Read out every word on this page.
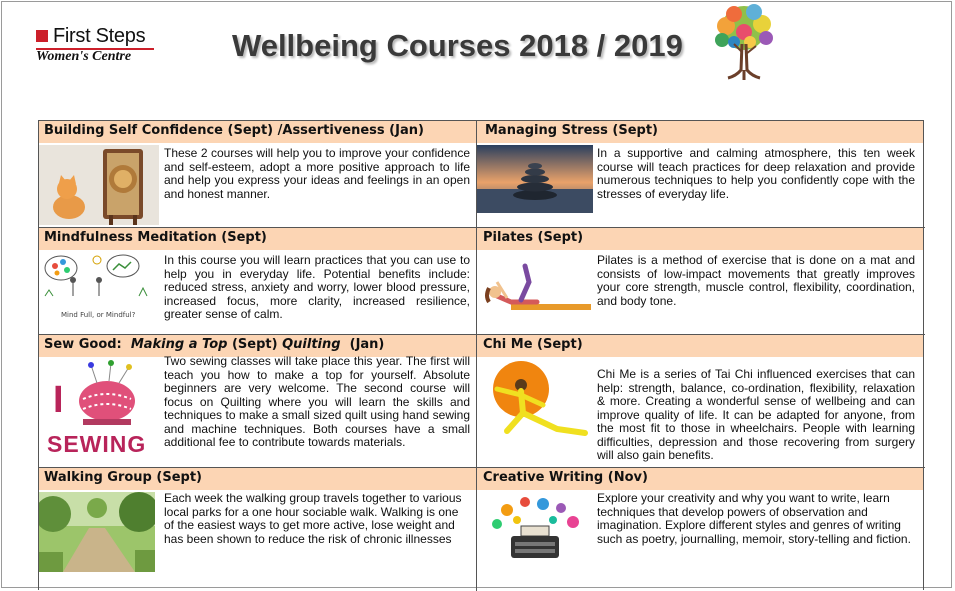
First Steps
Women's Centre	Wellbeing Courses 2018 / 2019
Building Self Confidence (Sept) /Assertiveness (Jan)
These 2 courses will help you to improve your confidence and self-esteem, adopt a more positive approach to life and help you express your ideas and feelings in an open and honest manner.
Managing Stress (Sept)
In a supportive and calming atmosphere, this ten week course will teach practices for deep relaxation and provide numerous techniques to help you confidently cope with the stresses of everyday life.
Mindfulness Meditation (Sept)
Mind Full, or Mindful?
In this course you will learn practices that you can use to help you in everyday life. Potential benefits include: reduced stress, anxiety and worry, lower blood pressure, increased focus, more clarity, increased resilience, greater sense of calm.
Pilates (Sept)
Pilates is a method of exercise that is done on a mat and consists of low-impact movements that greatly improves your core strength, muscle control, flexibility, coordination, and body tone.
Sew Good: Making a Top (Sept) Quilting (Jan)
I
SEWING
Two sewing classes will take place this year. The first will teach you how to make a top for yourself. Absolute beginners are very welcome. The second course will focus on Quilting where you will learn the skills and techniques to make a small sized quilt using hand sewing and machine techniques. Both courses have a small additional fee to contribute towards materials.
Chi Me (Sept)
Chi Me is a series of Tai Chi influenced exercises that can help: strength, balance, co-ordination, flexibility, relaxation & more. Creating a wonderful sense of wellbeing and can improve quality of life. It can be adapted for anyone, from the most fit to those in wheelchairs. People with learning difficulties, depression and those recovering from surgery will also gain benefits.
Walking Group (Sept)
Each week the walking group travels together to various local parks for a one hour sociable walk. Walking is one of the easiest ways to get more active, lose weight and has been shown to reduce the risk of chronic illnesses
Creative Writing (Nov)
Explore your creativity and why you want to write, learn techniques that develop powers of observation and imagination. Explore different styles and genres of writing such as poetry, journalling, memoir, story-telling and fiction.
